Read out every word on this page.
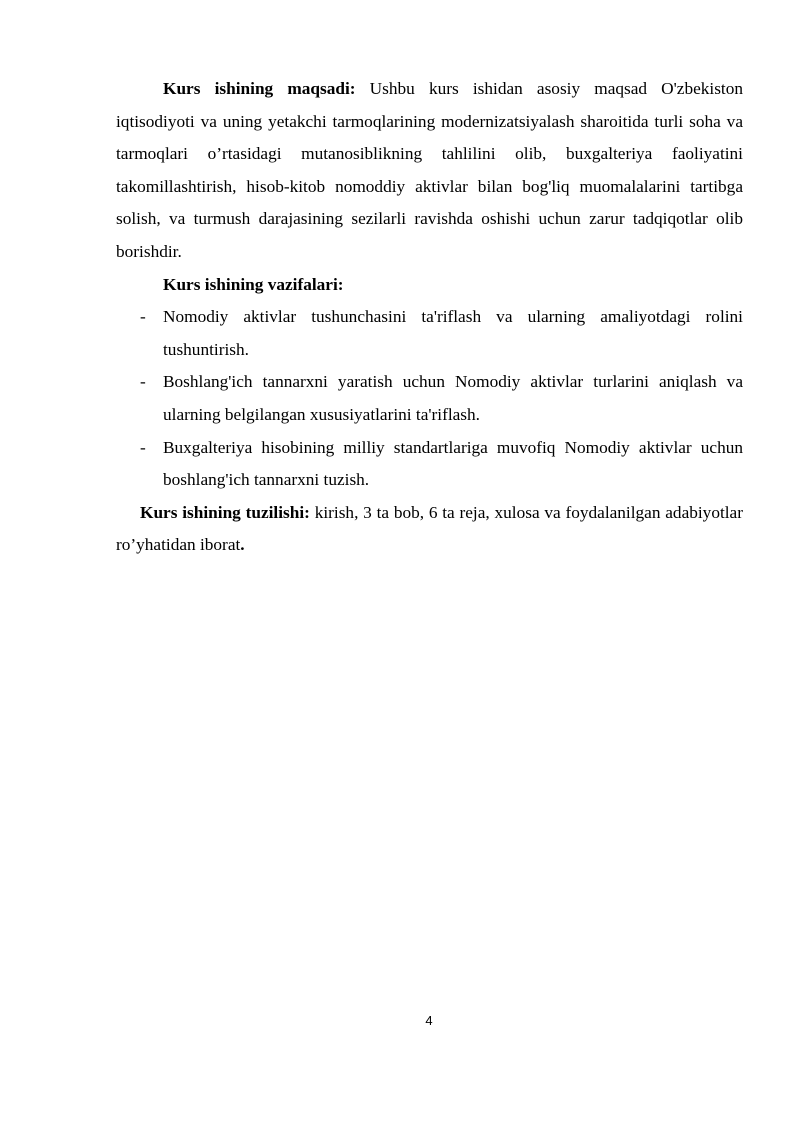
Kurs ishining maqsadi: Ushbu kurs ishidan asosiy maqsad O'zbekiston iqtisodiyoti va uning yetakchi tarmoqlarining modernizatsiyalash sharoitida turli soha va tarmoqlari o’rtasidagi mutanosiblikning tahlilini olib, buxgalteriya faoliyatini takomillashtirish, hisob-kitob nomoddiy aktivlar bilan bog'liq muomalalarini tartibga solish, va turmush darajasining sezilarli ravishda oshishi uchun zarur tadqiqotlar olib borishdir.

Kurs ishining vazifalari:

- Nomodiy aktivlar tushunchasini ta'riflash va ularning amaliyotdagi rolini tushuntirish.
- Boshlang'ich tannarxni yaratish uchun Nomodiy aktivlar turlarini aniqlash va ularning belgilangan xususiyatlarini ta'riflash.
- Buxgalteriya hisobining milliy standartlariga muvofiq Nomodiy aktivlar uchun boshlang'ich tannarxni tuzish.

Kurs ishining tuzilishi: kirish, 3 ta bob, 6 ta reja, xulosa va foydalanilgan adabiyotlar ro’yhatidan iborat.

4
